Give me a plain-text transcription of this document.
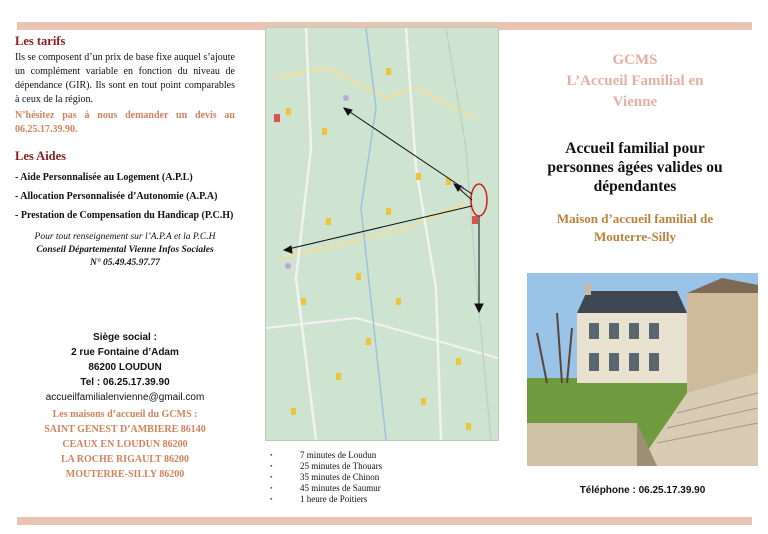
Les tarifs

Ils se composent d’un prix de base fixe auquel s’ajoute un complément variable en fonction du niveau de dépendance (GIR). Ils sont en tout point comparables à ceux de la région.

N’hésitez pas à nous demander un devis au 06.25.17.39.90.

Les Aides

- Aide Personnalisée au Logement (A.P.L)
- Allocation Personnalisée d’Autonomie (A.P.A)
- Prestation de Compensation du Handicap (P.C.H)
Pour tout renseignement sur l’A.P.A et la P.C.H
Conseil Départemental Vienne Infos Sociales
N° 05.49.45.97.77
Siège social :
2 rue Fontaine d’Adam
86200 LOUDUN
Tel : 06.25.17.39.90
accueilfamilialenvienne@gmail.com
Les maisons d’accueil du GCMS :
SAINT GENEST D’AMBIERE 86140
CEAUX EN LOUDUN 86200
LA ROCHE RIGAULT 86200
MOUTERRE-SILLY 86200
▪ 7 minutes de Loudun
▪ 25 minutes de Thouars
▪ 35 minutes de Chinon
▪ 45 minutes de Saumur
▪ 1 heure de Poitiers
GCMS
L’Accueil Familial en
Vienne
Accueil familial pour
personnes âgées valides ou
dépendantes
Maison d’accueil familial de
Mouterre-Silly
Téléphone : 06.25.17.39.90
